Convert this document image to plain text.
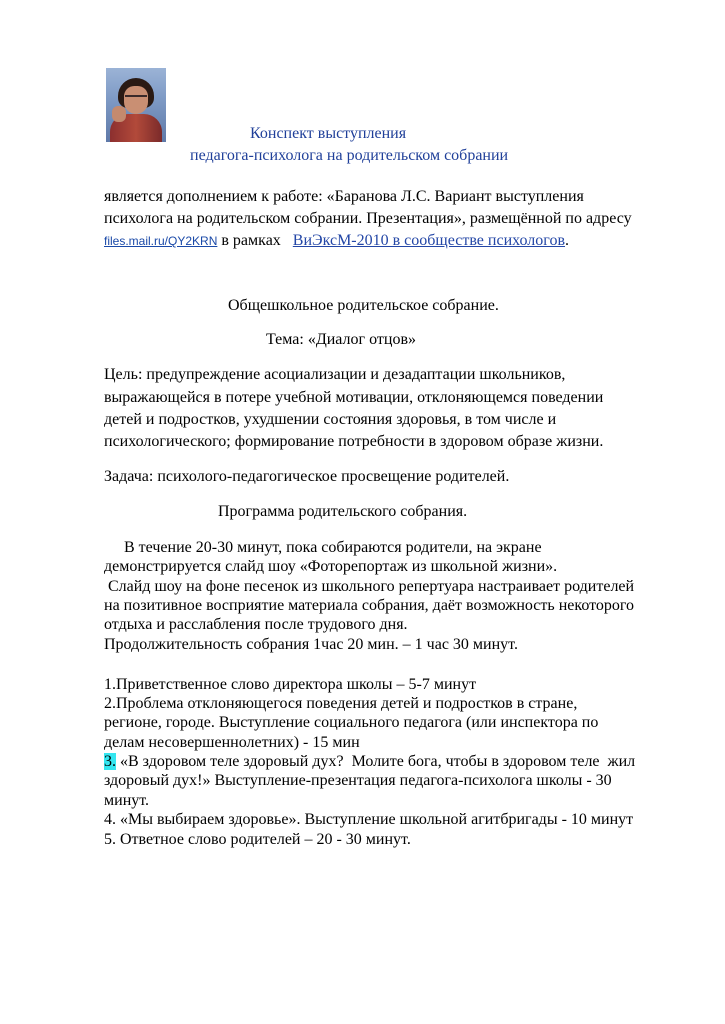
Конспект выступления
педагога-психолога на родительском собрании
является дополнением к работе: «Баранова Л.С. Вариант выступления
психолога на родительском собрании. Презентация», размещённой по адресу
files.mail.ru/QY2KRN в рамках   ВиЭксМ-2010 в сообществе психологов.
Общешкольное родительское собрание.
Тема: «Диалог отцов»
Цель: предупреждение асоциализации и дезадаптации школьников,
выражающейся в потере учебной мотивации, отклоняющемся поведении
детей и подростков, ухудшении состояния здоровья, в том числе и
психологического; формирование потребности в здоровом образе жизни.
Задача: психолого-педагогическое просвещение родителей.
Программа родительского собрания.
В течение 20-30 минут, пока собираются родители, на экране
демонстрируется слайд шоу «Фоторепортаж из школьной жизни».
Слайд шоу на фоне песенок из школьного репертуара настраивает родителей
на позитивное восприятие материала собрания, даёт возможность некоторого
отдыха и расслабления после трудового дня.
Продолжительность собрания 1час 20 мин. – 1 час 30 минут.
1.Приветственное слово директора школы – 5-7 минут
2.Проблема отклоняющегося поведения детей и подростков в стране,
регионе, городе. Выступление социального педагога (или инспектора по
делам несовершеннолетних) - 15 мин
3. «В здоровом теле здоровый дух?  Молите бога, чтобы в здоровом теле  жил
здоровый дух!» Выступление-презентация педагога-психолога школы - 30
минут.
4. «Мы выбираем здоровье». Выступление школьной агитбригады - 10 минут
5. Ответное слово родителей – 20 - 30 минут.
